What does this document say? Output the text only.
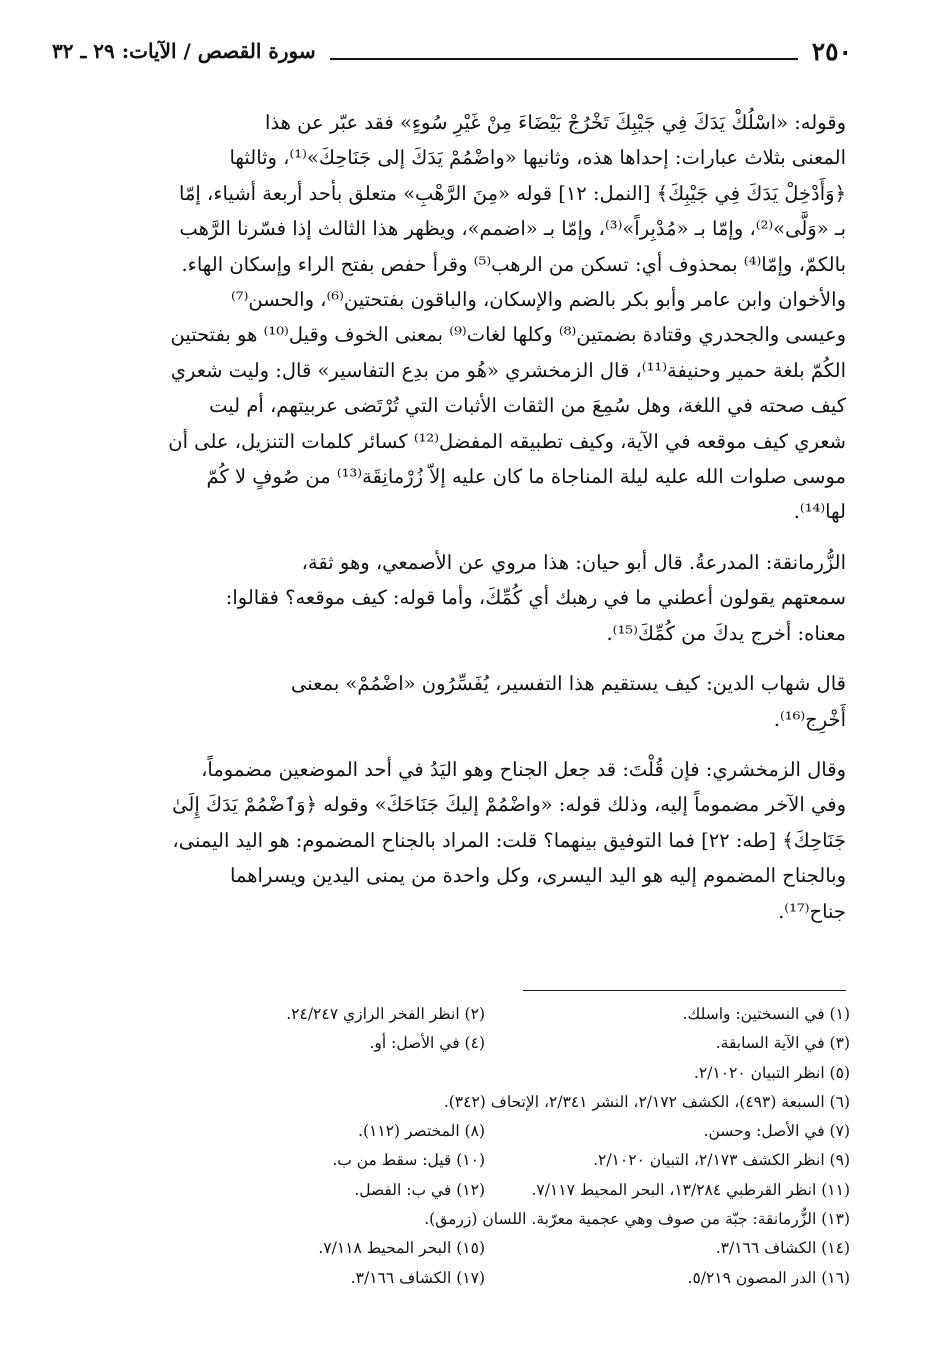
٢٥٠
سورة القصص / الآيات: ٢٩ ـ ٣٢

وقوله: «اسْلُكْ يَدَكَ فِي جَيْبِكَ تَخْرُجْ بَيْضَاءَ مِنْ غَيْرِ سُوءٍ» فقد عبّر عن هذا

المعنى بثلاث عبارات: إحداها هذه، وثانيها «واضْمُمْ يَدَكَ إلى جَنَاحِكَ»⁽¹⁾، وثالثها

﴿وَأَدْخِلْ يَدَكَ فِي جَيْبِكَ﴾ [النمل: ١٢] قوله «مِنَ الرَّهْبِ» متعلق بأحد أربعة أشياء، إمّا

بـ «وَلَّى»⁽²⁾، وإمّا بـ «مُدْبِراً»⁽³⁾، وإمّا بـ «اضمم»، ويظهر هذا الثالث إذا فسّرنا الرَّهب

بالكمّ، وإمّا⁽⁴⁾ بمحذوف أي: تسكن من الرهب⁽⁵⁾ وقرأ حفص بفتح الراء وإسكان الهاء.

والأخوان وابن عامر وأبو بكر بالضم والإسكان، والباقون بفتحتين⁽⁶⁾، والحسن⁽⁷⁾

وعيسى والجحدري وقتادة بضمتين⁽⁸⁾ وكلها لغات⁽⁹⁾ بمعنى الخوف وقيل⁽¹⁰⁾ هو بفتحتين

الكُمّ بلغة حمير وحنيفة⁽¹¹⁾، قال الزمخشري «هُو من بدِع التفاسير» قال: وليت شعري

كيف صحته في اللغة، وهل سُمِعَ من الثقات الأثبات التي تُرْتَضى عربيتهم، أم ليت

شعري كيف موقعه في الآية، وكيف تطبيقه المفضل⁽¹²⁾ كسائر كلمات التنزيل، على أن

موسى صلوات الله عليه ليلة المناجاة ما كان عليه إلاّ زُرْمانِقَة⁽¹³⁾ من صُوفٍ لا كُمّ

لها⁽¹⁴⁾.

الزُّرمانقة: المدرعةُ. قال أبو حيان: هذا مروي عن الأصمعي، وهو ثقة،

سمعتهم يقولون أعطني ما في رهبك أي كُمِّكَ، وأما قوله: كيف موقعه؟ فقالوا:

معناه: أخرج يدكَ من كُمِّكَ⁽¹⁵⁾.

قال شهاب الدين: كيف يستقيم هذا التفسير، يُفَسِّرُون «اضْمُمْ» بمعنى

أَخْرِج⁽¹⁶⁾.

وقال الزمخشري: فإن قُلْتَ: قد جعل الجناح وهو اليَدُ في أحد الموضعين مضموماً،

وفي الآخر مضموماً إليه، وذلك قوله: «واضْمُمْ إليكَ جَنَاحَكَ» وقوله ﴿وَٱضْمُمْ يَدَكَ إِلَىٰ

جَنَاحِكَ﴾ [طه: ٢٢] فما التوفيق بينهما؟ قلت: المراد بالجناح المضموم: هو اليد اليمنى،

وبالجناح المضموم إليه هو اليد اليسرى، وكل واحدة من يمنى اليدين ويسراهما

جناح⁽¹⁷⁾.

(١) في النسختين: واسلك.
(٢) انظر الفخر الرازي ٢٤/٢٤٧.
(٣) في الآية السابقة.
(٤) في الأصل: أو.
(٥) انظر التبيان ٢/١٠٢٠.
(٦) السبعة (٤٩٣)، الكشف ٢/١٧٢، النشر ٢/٣٤١، الإتحاف (٣٤٢).
(٧) في الأصل: وحسن.
(٨) المختصر (١١٢).
(٩) انظر الكشف ٢/١٧٣، التبيان ٢/١٠٢٠.
(١٠) قيل: سقط من ب.
(١١) انظر القرطبي ١٣/٢٨٤، البحر المحيط ٧/١١٧.
(١٢) في ب: الفصل.
(١٣) الزُّرمانقة: جبّة من صوف وهي عجمية معرّبة. اللسان (زرمق).
(١٤) الكشاف ٣/١٦٦.
(١٥) البحر المحيط ٧/١١٨.
(١٦) الدر المصون ٥/٢١٩.
(١٧) الكشاف ٣/١٦٦.
